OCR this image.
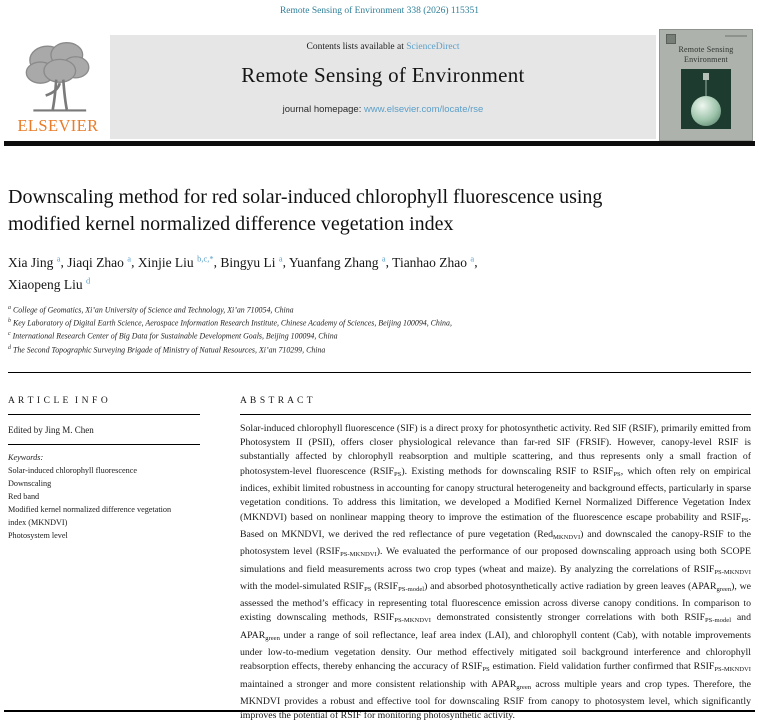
Remote Sensing of Environment 338 (2026) 115351
ELSEVIER
Contents lists available at ScienceDirect
Remote Sensing of Environment
journal homepage: www.elsevier.com/locate/rse
Remote Sensing
Environment
Downscaling method for red solar-induced chlorophyll fluorescence using
modified kernel normalized difference vegetation index
Xia Jing $^a$, Jiaqi Zhao $^a$, Xinjie Liu $^{b,c,*}$, Bingyu Li $^a$, Yuanfang Zhang $^a$, Tianhao Zhao $^a$,
Xiaopeng Liu $^d$
$^a$ College of Geomatics, Xi’an University of Science and Technology, Xi’an 710054, China
$^b$ Key Laboratory of Digital Earth Science, Aerospace Information Research Institute, Chinese Academy of Sciences, Beijing 100094, China,
$^c$ International Research Center of Big Data for Sustainable Development Goals, Beijing 100094, China
$^d$ The Second Topographic Surveying Brigade of Ministry of Natual Resources, Xi’an 710299, China
A R T I C L E  I N F O
Edited by Jing M. Chen
Keywords:
Solar-induced chlorophyll fluorescence
Downscaling
Red band
Modified kernel normalized difference vegetation index (MKNDVI)
Photosystem level
A B S T R A C T
Solar-induced chlorophyll fluorescence (SIF) is a direct proxy for photosynthetic activity. Red SIF (RSIF), primarily emitted from Photosystem II (PSII), offers closer physiological relevance than far-red SIF (FRSIF). However, canopy-level RSIF is substantially affected by chlorophyll reabsorption and multiple scattering, and thus represents only a small fraction of photosystem-level fluorescence $(RSIF_{PS})$. Existing methods for downscaling RSIF to $RSIF_{PS}$, which often rely on empirical indices, exhibit limited robustness in accounting for canopy structural heterogeneity and background effects, particularly in sparse vegetation conditions. To address this limitation, we developed a Modified Kernel Normalized Difference Vegetation Index (MKNDVI) based on nonlinear mapping theory to improve the estimation of the fluorescence escape probability and $RSIF_{PS}$. Based on MKNDVI, we derived the red reflectance of pure vegetation (Red$_{MKNDVI}$) and downscaled the canopy-RSIF to the photosystem level $(RSIF_{PS-MKNDVI})$. We evaluated the performance of our proposed downscaling approach using both SCOPE simulations and field measurements across two crop types (wheat and maize). By analyzing the correlations of $RSIF_{PS-MKNDVI}$ with the model-simulated $RSIF_{PS}$ $(RSIF_{PS-model})$ and absorbed photosynthetically active radiation by green leaves $(APAR_{green})$, we assessed the method’s efficacy in representing total fluorescence emission across diverse canopy conditions. In comparison to existing downscaling methods, $RSIF_{PS-MKNDVI}$ demonstrated consistently stronger correlations with both $RSIF_{PS-model}$ and $APAR_{green}$ under a range of soil reflectance, leaf area index (LAI), and chlorophyll content (Cab), with notable improvements under low-to-medium vegetation density. Our method effectively mitigated soil background interference and chlorophyll reabsorption effects, thereby enhancing the accuracy of $RSIF_{PS}$ estimation. Field validation further confirmed that $RSIF_{PS-MKNDVI}$ maintained a stronger and more consistent relationship with $APAR_{green}$ across multiple years and crop types. Therefore, the MKNDVI provides a robust and effective tool for downscaling RSIF from canopy to photosystem level, which significantly improves the potential of RSIF for monitoring photosynthetic activity.
